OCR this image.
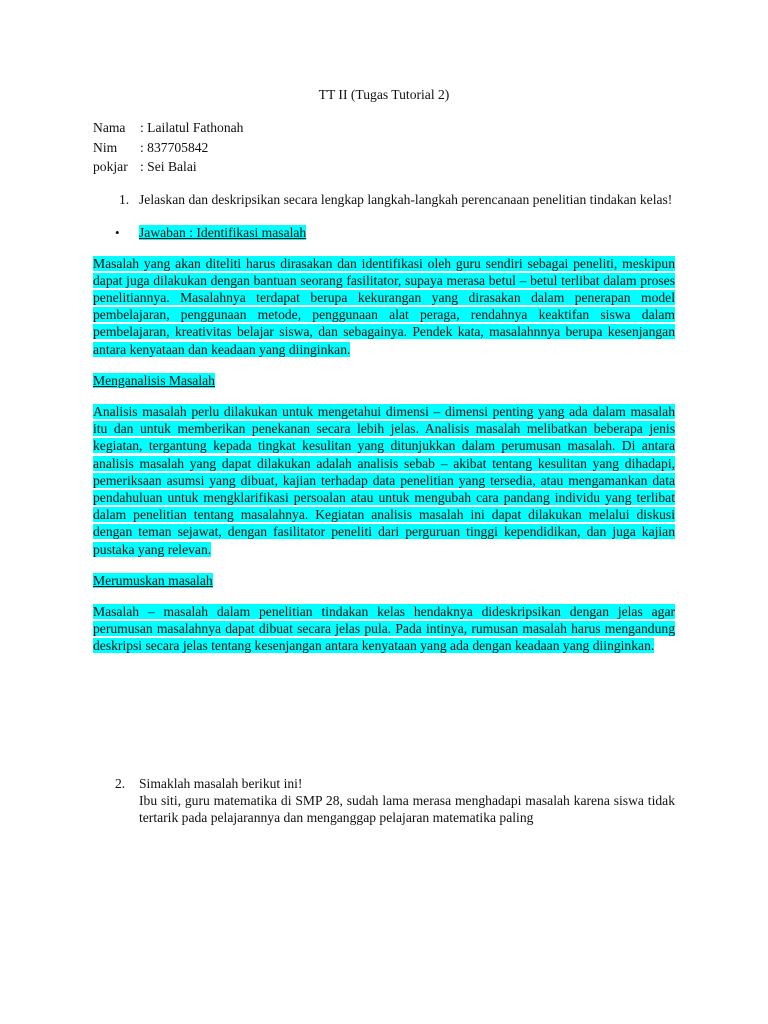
TT II (Tugas Tutorial 2)

Nama	: Lailatul Fathonah
Nim	: 837705842
pokjar : Sei Balai
1. Jelaskan dan deskripsikan secara lengkap langkah-langkah perencanaan penelitian tindakan kelas!
•	Jawaban : Identifikasi masalah

Masalah yang akan diteliti harus dirasakan dan identifikasi oleh guru sendiri sebagai peneliti, meskipun dapat juga dilakukan dengan bantuan seorang fasilitator, supaya merasa betul – betul terlibat dalam proses penelitiannya. Masalahnya terdapat berupa kekurangan yang dirasakan dalam penerapan model pembelajaran, penggunaan metode, penggunaan alat peraga, rendahnya keaktifan siswa dalam pembelajaran, kreativitas belajar siswa, dan sebagainya. Pendek kata, masalahnnya berupa kesenjangan antara kenyataan dan keadaan yang diinginkan.

Menganalisis Masalah

Analisis masalah perlu dilakukan untuk mengetahui dimensi – dimensi penting yang ada dalam masalah itu dan untuk memberikan penekanan secara lebih jelas. Analisis masalah melibatkan beberapa jenis kegiatan, tergantung kepada tingkat kesulitan yang ditunjukkan dalam perumusan masalah. Di antara analisis masalah yang dapat dilakukan adalah analisis sebab – akibat tentang kesulitan yang dihadapi, pemeriksaan asumsi yang dibuat, kajian terhadap data penelitian yang tersedia, atau mengamankan data pendahuluan untuk mengklarifikasi persoalan atau untuk mengubah cara pandang individu yang terlibat dalam penelitian tentang masalahnya. Kegiatan analisis masalah ini dapat dilakukan melalui diskusi dengan teman sejawat, dengan fasilitator peneliti dari perguruan tinggi kependidikan, dan juga kajian pustaka yang relevan.

Merumuskan masalah

Masalah – masalah dalam penelitian tindakan kelas hendaknya dideskripsikan dengan jelas agar perumusan masalahnya dapat dibuat secara jelas pula. Pada intinya, rumusan masalah harus mengandung deskripsi secara jelas tentang kesenjangan antara kenyataan yang ada dengan keadaan yang diinginkan.

2.	Simaklah masalah berikut ini!

Ibu siti, guru matematika di SMP 28, sudah lama merasa menghadapi masalah karena siswa tidak tertarik pada pelajarannya dan menganggap pelajaran matematika paling
